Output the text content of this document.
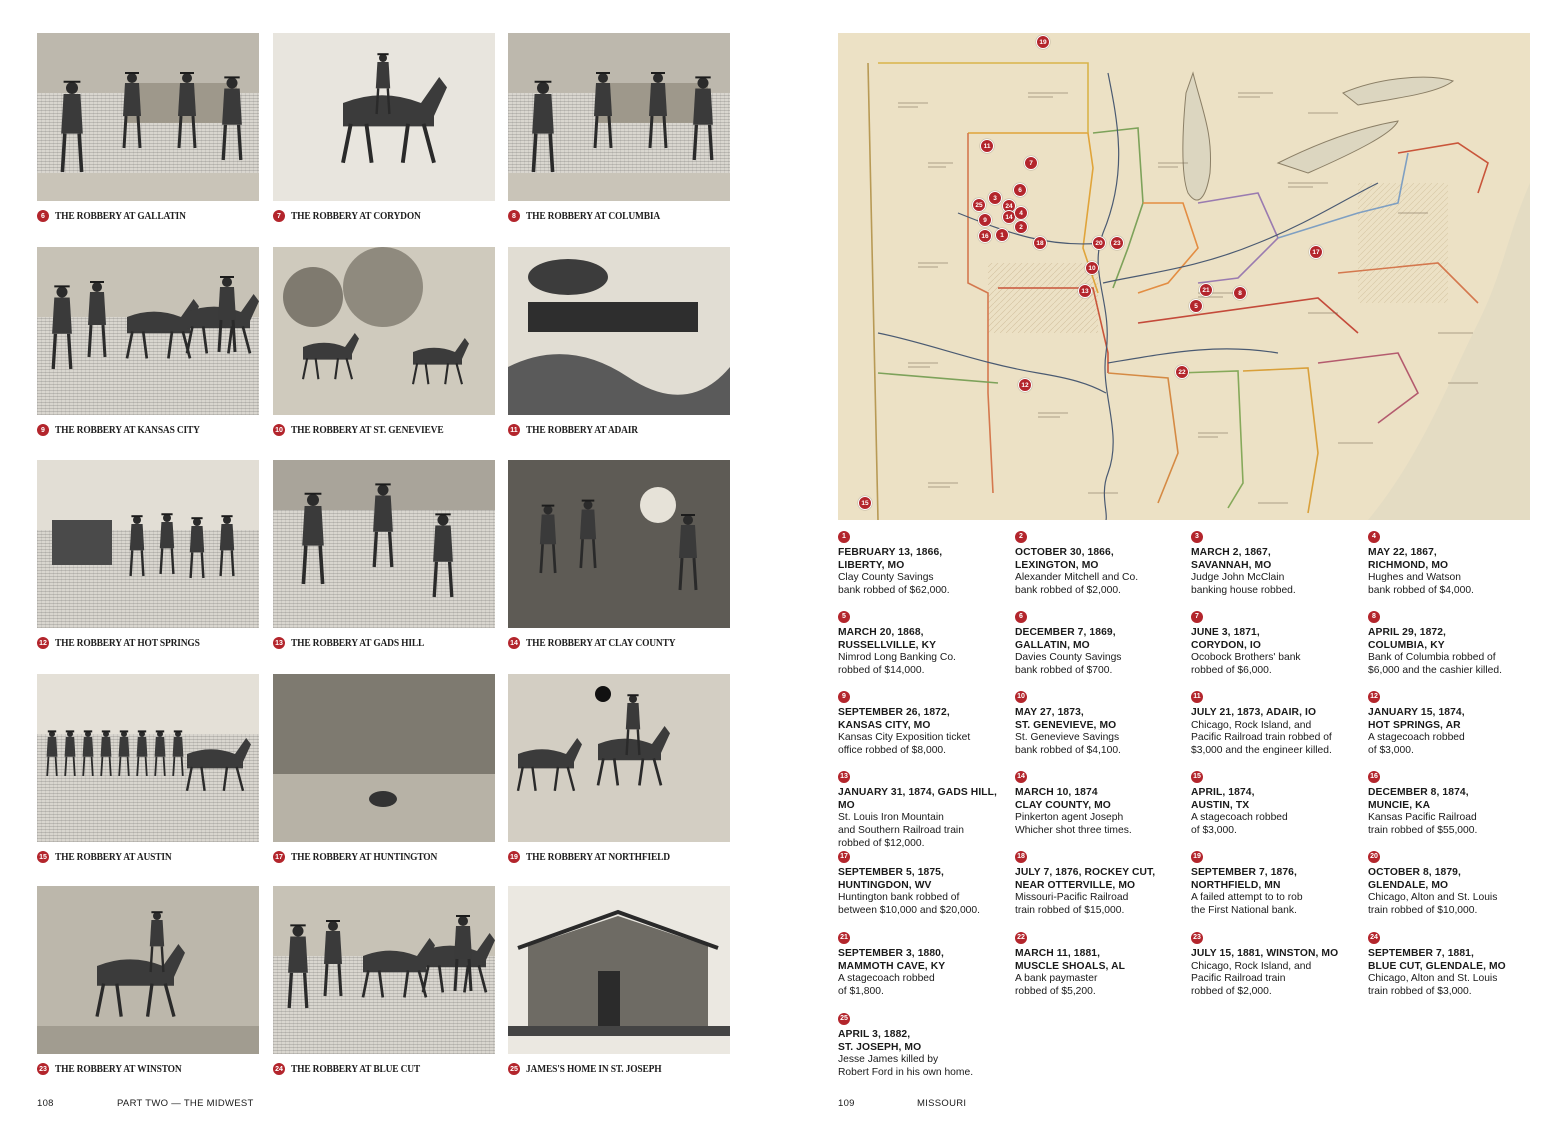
6 THE ROBBERY AT GALLATIN	7 THE ROBBERY AT CORYDON	8 THE ROBBERY AT COLUMBIA
9 THE ROBBERY AT KANSAS CITY	10 THE ROBBERY AT ST. GENEVIEVE	11 THE ROBBERY AT ADAIR
12 THE ROBBERY AT HOT SPRINGS	13 THE ROBBERY AT GADS HILL	14 THE ROBBERY AT CLAY COUNTY
15 THE ROBBERY AT AUSTIN	17 THE ROBBERY AT HUNTINGTON	19 THE ROBBERY AT NORTHFIELD
23 THE ROBBERY AT WINSTON	24 THE ROBBERY AT BLUE CUT	25 JAMES'S HOME IN ST. JOSEPH
108	PART TWO — THE MIDWEST
19
11
7
6
3
24
25
14
4
9
2
16	1
18	20	23
10
13
17
21	8
5
12
22
15
1
FEBRUARY 13, 1866,
LIBERTY, MO
Clay County Savings
bank robbed of $62,000.
2
OCTOBER 30, 1866,
LEXINGTON, MO
Alexander Mitchell and Co.
bank robbed of $2,000.
3
MARCH 2, 1867,
SAVANNAH, MO
Judge John McClain
banking house robbed.
4
MAY 22, 1867,
RICHMOND, MO
Hughes and Watson
bank robbed of $4,000.
5
MARCH 20, 1868,
RUSSELLVILLE, KY
Nimrod Long Banking Co.
robbed of $14,000.
6
DECEMBER 7, 1869,
GALLATIN, MO
Davies County Savings
bank robbed of $700.
7
JUNE 3, 1871,
CORYDON, IO
Ocobock Brothers' bank
robbed of $6,000.
8
APRIL 29, 1872,
COLUMBIA, KY
Bank of Columbia robbed of
$6,000 and the cashier killed.
9
SEPTEMBER 26, 1872,
KANSAS CITY, MO
Kansas City Exposition ticket
office robbed of $8,000.
10
MAY 27, 1873,
ST. GENEVIEVE, MO
St. Genevieve Savings
bank robbed of $4,100.
11
JULY 21, 1873, ADAIR, IO
Chicago, Rock Island, and
Pacific Railroad train robbed of
$3,000 and the engineer killed.
12
JANUARY 15, 1874,
HOT SPRINGS, AR
A stagecoach robbed
of $3,000.
13
JANUARY 31, 1874, GADS HILL,
MO
St. Louis Iron Mountain
and Southern Railroad train
robbed of $12,000.
14
MARCH 10, 1874
CLAY COUNTY, MO
Pinkerton agent Joseph
Whicher shot three times.
15
APRIL, 1874,
AUSTIN, TX
A stagecoach robbed
of $3,000.
16
DECEMBER 8, 1874,
MUNCIE, KA
Kansas Pacific Railroad
train robbed of $55,000.
17
SEPTEMBER 5, 1875,
HUNTINGDON, WV
Huntington bank robbed of
between $10,000 and $20,000.
18
JULY 7, 1876, ROCKEY CUT,
NEAR OTTERVILLE, MO
Missouri-Pacific Railroad
train robbed of $15,000.
19
SEPTEMBER 7, 1876,
NORTHFIELD, MN
A failed attempt to to rob
the First National bank.
20
OCTOBER 8, 1879,
GLENDALE, MO
Chicago, Alton and St. Louis
train robbed of $10,000.
21
SEPTEMBER 3, 1880,
MAMMOTH CAVE, KY
A stagecoach robbed
of $1,800.
22
MARCH 11, 1881,
MUSCLE SHOALS, AL
A bank paymaster
robbed of $5,200.
23
JULY 15, 1881, WINSTON, MO
Chicago, Rock Island, and
Pacific Railroad train
robbed of $2,000.
24
SEPTEMBER 7, 1881,
BLUE CUT, GLENDALE, MO
Chicago, Alton and St. Louis
train robbed of $3,000.
25
APRIL 3, 1882,
ST. JOSEPH, MO
Jesse James killed by
Robert Ford in his own home.
109	MISSOURI
